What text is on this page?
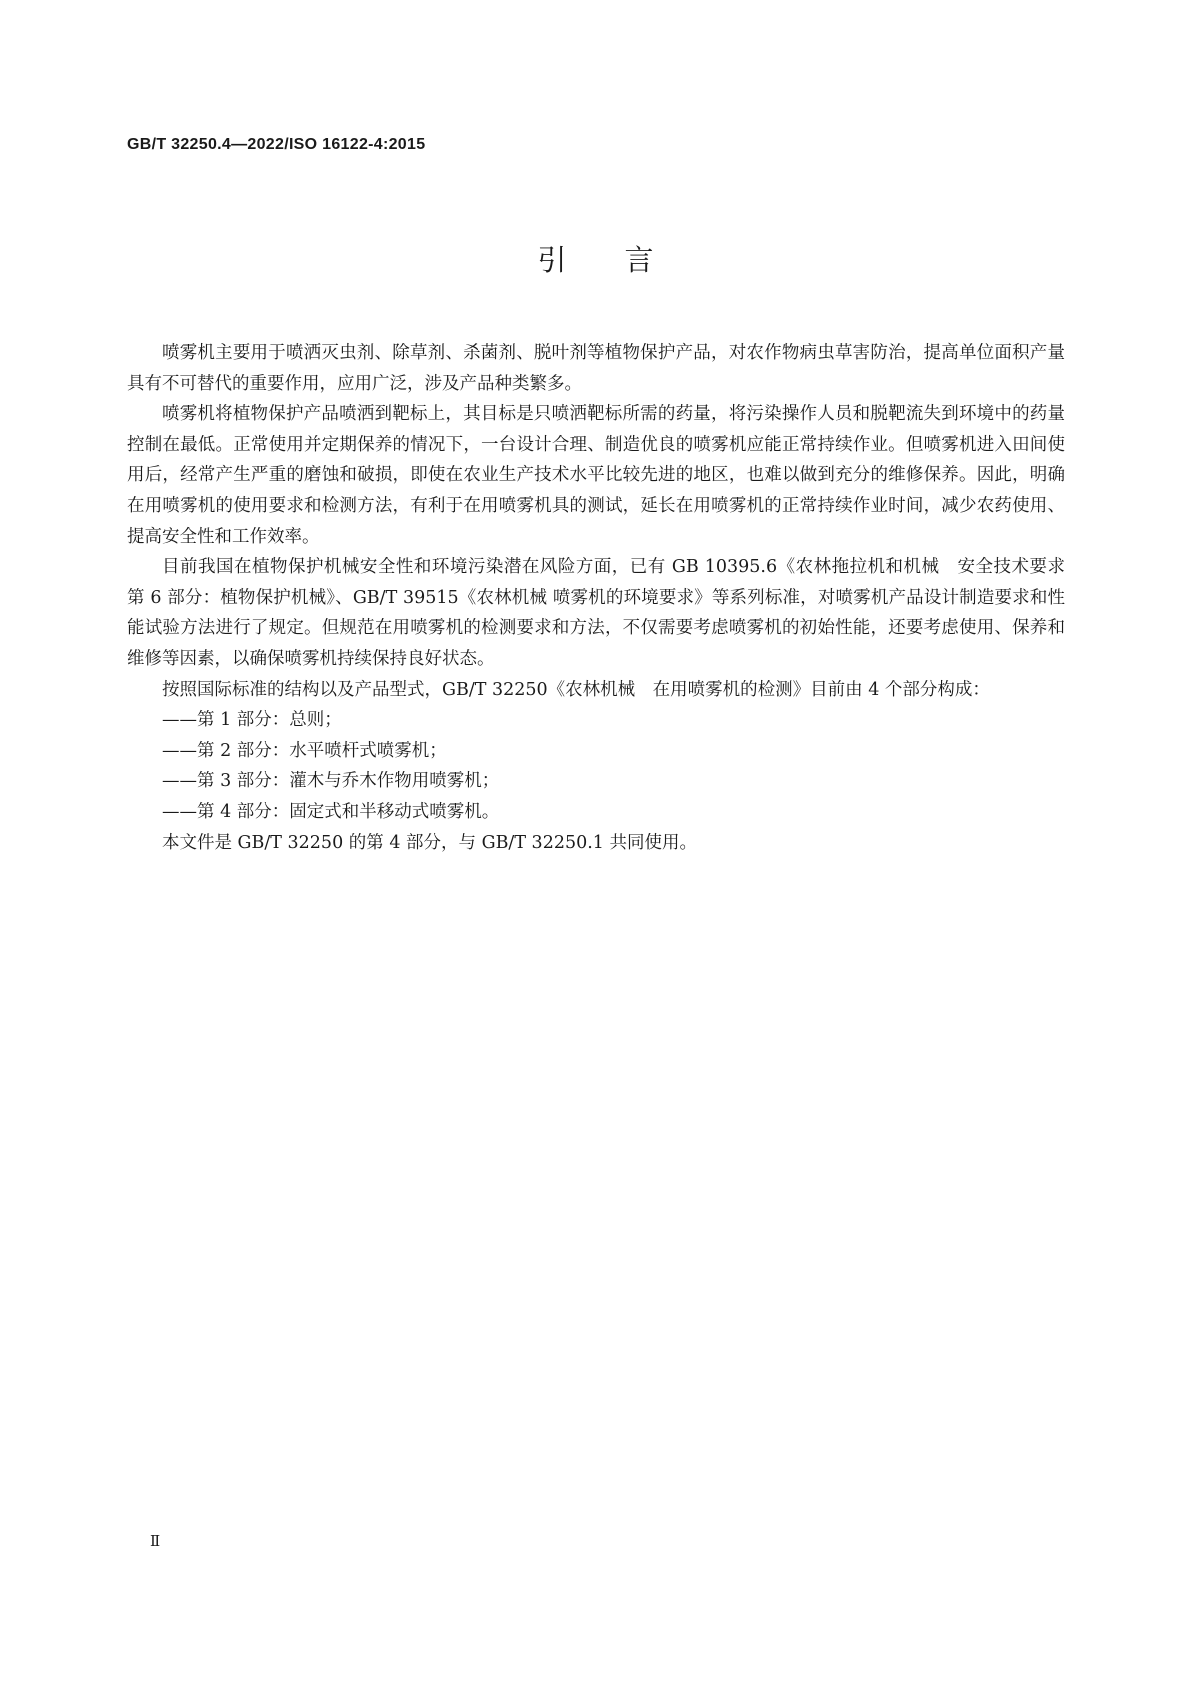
GB/T 32250.4—2022/ISO 16122-4:2015
引言

喷雾机主要用于喷洒灭虫剂、除草剂、杀菌剂、脱叶剂等植物保护产品，对农作物病虫草害防治，提高单位面积产量具有不可替代的重要作用，应用广泛，涉及产品种类繁多。

喷雾机将植物保护产品喷洒到靶标上，其目标是只喷洒靶标所需的药量，将污染操作人员和脱靶流失到环境中的药量控制在最低。正常使用并定期保养的情况下，一台设计合理、制造优良的喷雾机应能正常持续作业。但喷雾机进入田间使用后，经常产生严重的磨蚀和破损，即使在农业生产技术水平比较先进的地区，也难以做到充分的维修保养。因此，明确在用喷雾机的使用要求和检测方法，有利于在用喷雾机具的测试，延长在用喷雾机的正常持续作业时间，减少农药使用、提高安全性和工作效率。

目前我国在植物保护机械安全性和环境污染潜在风险方面，已有 GB 10395.6《农林拖拉机和机械　安全技术要求　第 6 部分：植物保护机械》、GB/T 39515《农林机械 喷雾机的环境要求》等系列标准，对喷雾机产品设计制造要求和性能试验方法进行了规定。但规范在用喷雾机的检测要求和方法，不仅需要考虑喷雾机的初始性能，还要考虑使用、保养和维修等因素，以确保喷雾机持续保持良好状态。

按照国际标准的结构以及产品型式，GB/T 32250《农林机械　在用喷雾机的检测》目前由 4 个部分构成：

——第 1 部分：总则；

——第 2 部分：水平喷杆式喷雾机；

——第 3 部分：灌木与乔木作物用喷雾机；

——第 4 部分：固定式和半移动式喷雾机。

本文件是 GB/T 32250 的第 4 部分，与 GB/T 32250.1 共同使用。

Ⅱ
